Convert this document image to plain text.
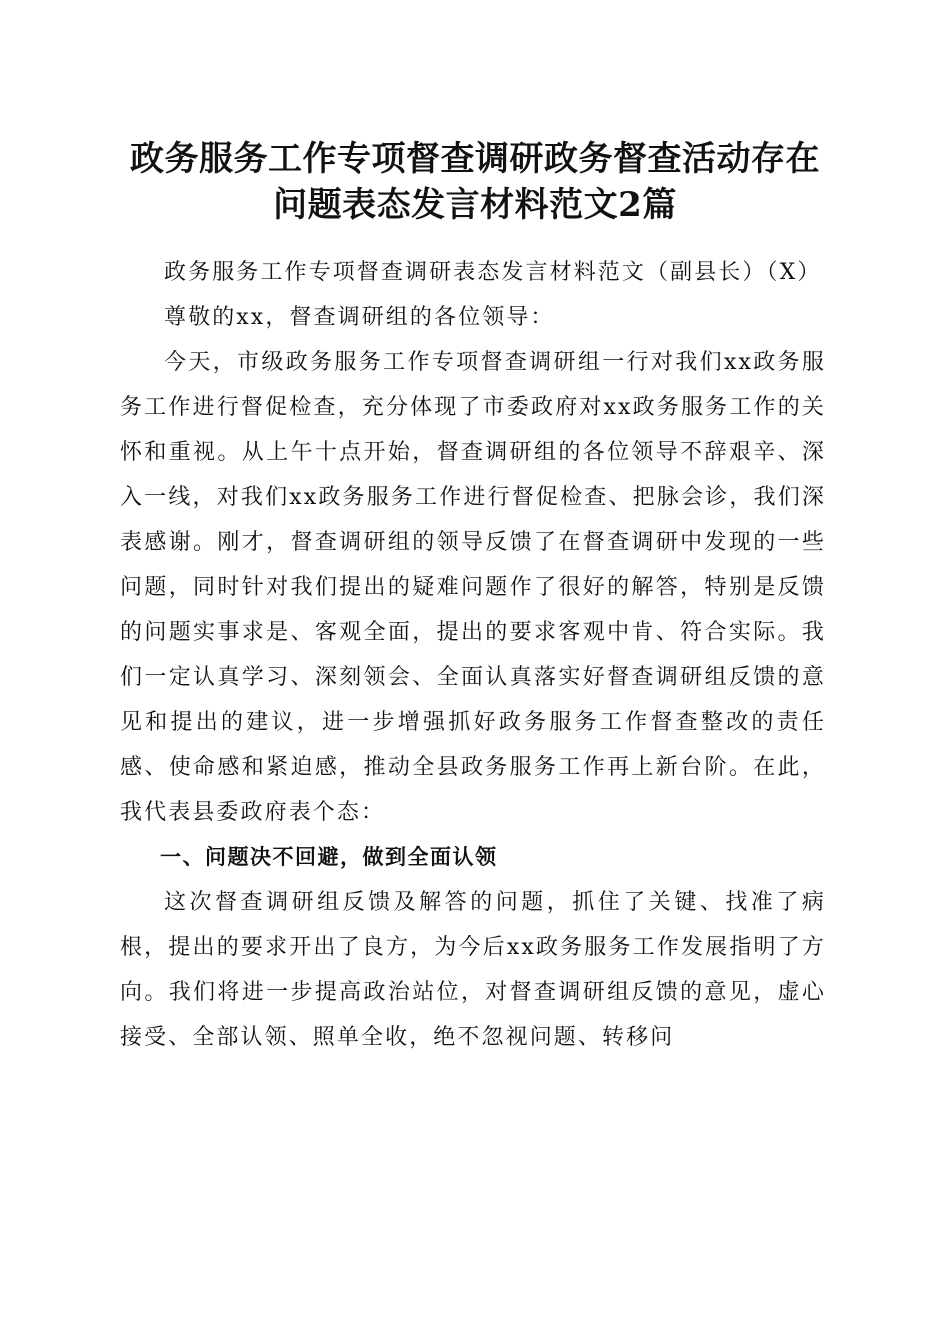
政务服务工作专项督查调研政务督查活动存在
问题表态发言材料范文2篇

政务服务工作专项督查调研表态发言材料范文（副县长）（X）

尊敬的xx，督查调研组的各位领导：

今天，市级政务服务工作专项督查调研组一行对我们xx政务服务工作进行督促检查，充分体现了市委政府对xx政务服务工作的关怀和重视。从上午十点开始，督查调研组的各位领导不辞艰辛、深入一线，对我们xx政务服务工作进行督促检查、把脉会诊，我们深表感谢。刚才，督查调研组的领导反馈了在督查调研中发现的一些问题，同时针对我们提出的疑难问题作了很好的解答，特别是反馈的问题实事求是、客观全面，提出的要求客观中肯、符合实际。我们一定认真学习、深刻领会、全面认真落实好督查调研组反馈的意见和提出的建议，进一步增强抓好政务服务工作督查整改的责任感、使命感和紧迫感，推动全县政务服务工作再上新台阶。在此，我代表县委政府表个态：

一、问题决不回避，做到全面认领

这次督查调研组反馈及解答的问题，抓住了关键、找准了病根，提出的要求开出了良方，为今后xx政务服务工作发展指明了方向。我们将进一步提高政治站位，对督查调研组反馈的意见，虚心接受、全部认领、照单全收，绝不忽视问题、转移问
